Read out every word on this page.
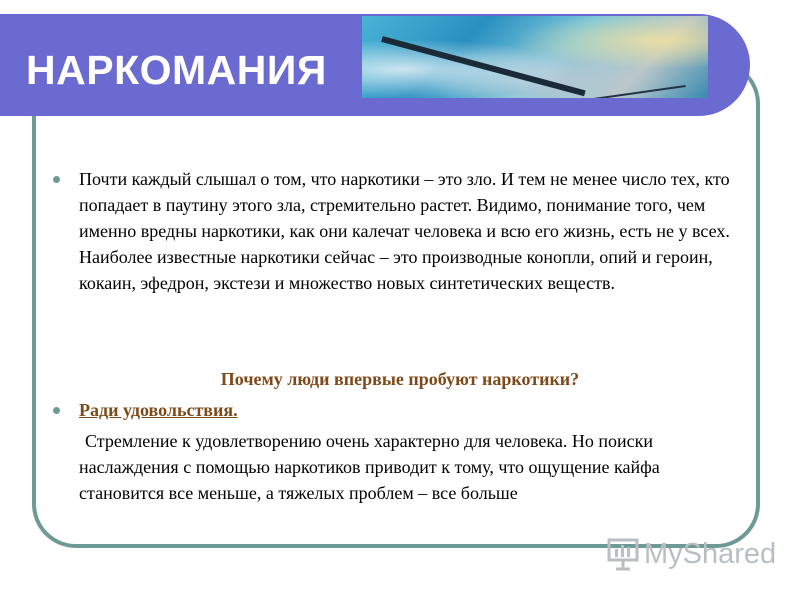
НАРКОМАНИЯ
Почти каждый слышал о том, что наркотики – это зло. И тем не менее число тех, кто попадает в паутину этого зла, стремительно растет. Видимо, понимание того, чем именно вредны наркотики, как они калечат человека и всю его жизнь, есть не у всех. Наиболее известные наркотики сейчас – это производные конопли, опий и героин, кокаин, эфедрон, экстези и множество новых синтетических веществ.
Почему люди впервые пробуют наркотики?
Ради удовольствия.
Стремление к удовлетворению очень характерно для человека. Но поиски наслаждения с помощью наркотиков приводит к тому, что ощущение кайфа становится все меньше, а тяжелых проблем – все больше
MyShared
